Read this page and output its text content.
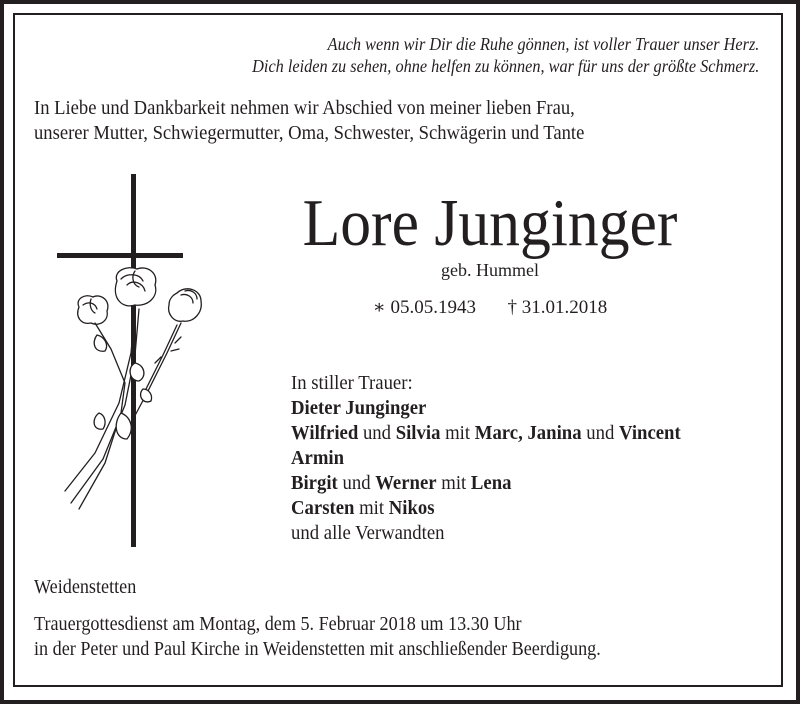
Auch wenn wir Dir die Ruhe gönnen, ist voller Trauer unser Herz.
Dich leiden zu sehen, ohne helfen zu können, war für uns der größte Schmerz.
In Liebe und Dankbarkeit nehmen wir Abschied von meiner lieben Frau,
unserer Mutter, Schwiegermutter, Oma, Schwester, Schwägerin und Tante
Lore Junginger
geb. Hummel
∗ 05.05.1943 † 31.01.2018
In stiller Trauer:
Dieter Junginger
Wilfried und Silvia mit Marc, Janina und Vincent
Armin
Birgit und Werner mit Lena
Carsten mit Nikos
und alle Verwandten
Weidenstetten
Trauergottesdienst am Montag, dem 5. Februar 2018 um 13.30 Uhr
in der Peter und Paul Kirche in Weidenstetten mit anschließender Beerdigung.
